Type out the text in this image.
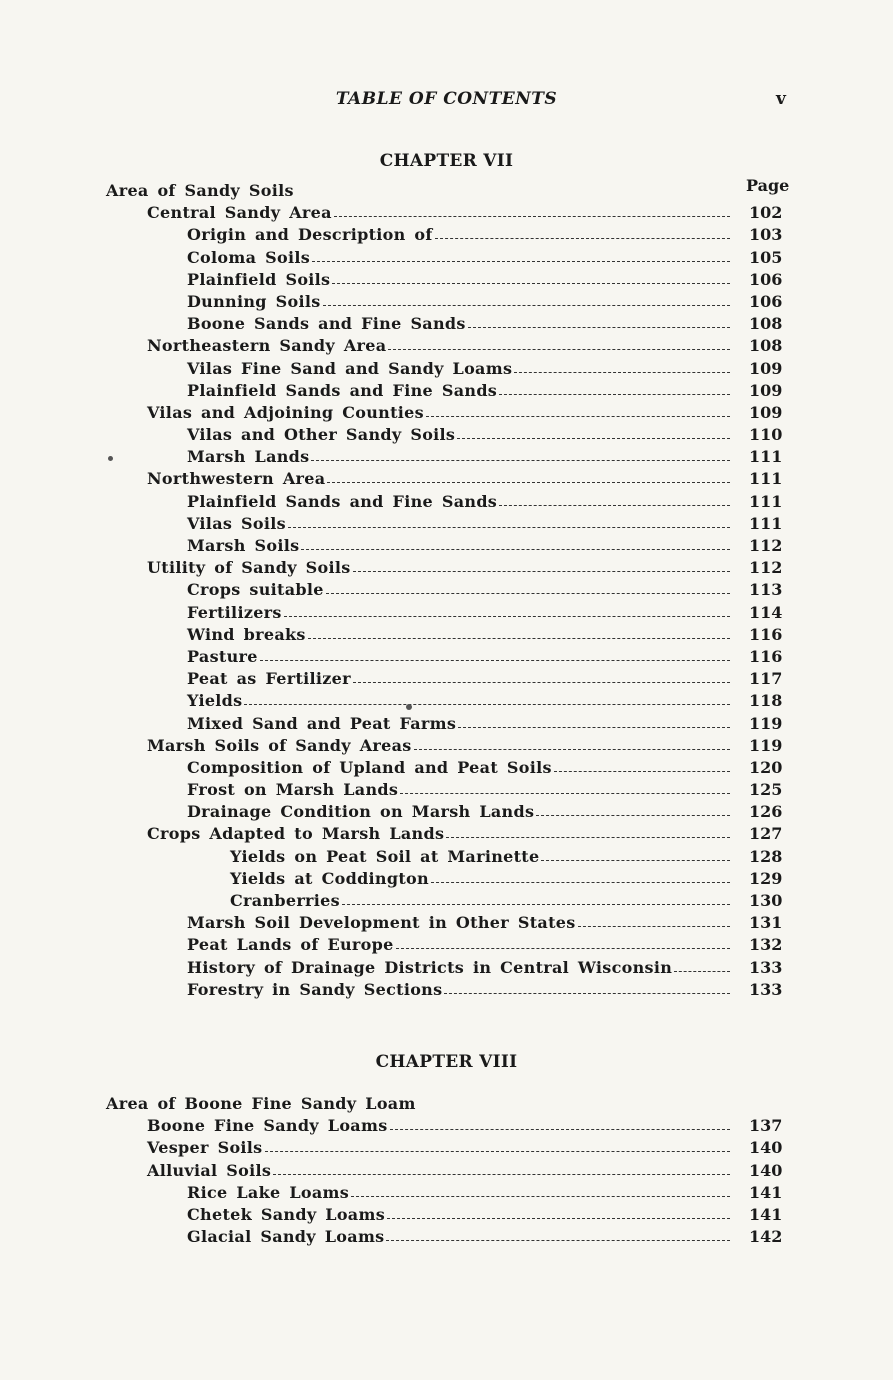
TABLE OF CONTENTS	v
CHAPTER VII
Page
Area of Sandy Soils
Central Sandy Area	102
Origin and Description of	103
Coloma Soils	105
Plainfield Soils	106
Dunning Soils	106
Boone Sands and Fine Sands	108
Northeastern Sandy Area	108
Vilas Fine Sand and Sandy Loams	109
Plainfield Sands and Fine Sands	109
Vilas and Adjoining Counties	109
Vilas and Other Sandy Soils	110
Marsh Lands	111
Northwestern Area	111
Plainfield Sands and Fine Sands	111
Vilas Soils	111
Marsh Soils	112
Utility of Sandy Soils	112
Crops suitable	113
Fertilizers	114
Wind breaks	116
Pasture	116
Peat as Fertilizer	117
Yields	118
Mixed Sand and Peat Farms	119
Marsh Soils of Sandy Areas	119
Composition of Upland and Peat Soils	120
Frost on Marsh Lands	125
Drainage Condition on Marsh Lands	126
Crops Adapted to Marsh Lands	127
Yields on Peat Soil at Marinette	128
Yields at Coddington	129
Cranberries	130
Marsh Soil Development in Other States	131
Peat Lands of Europe	132
History of Drainage Districts in Central Wisconsin	133
Forestry in Sandy Sections	133
CHAPTER VIII
Area of Boone Fine Sandy Loam
Boone Fine Sandy Loams	137
Vesper Soils	140
Alluvial Soils	140
Rice Lake Loams	141
Chetek Sandy Loams	141
Glacial Sandy Loams	142
